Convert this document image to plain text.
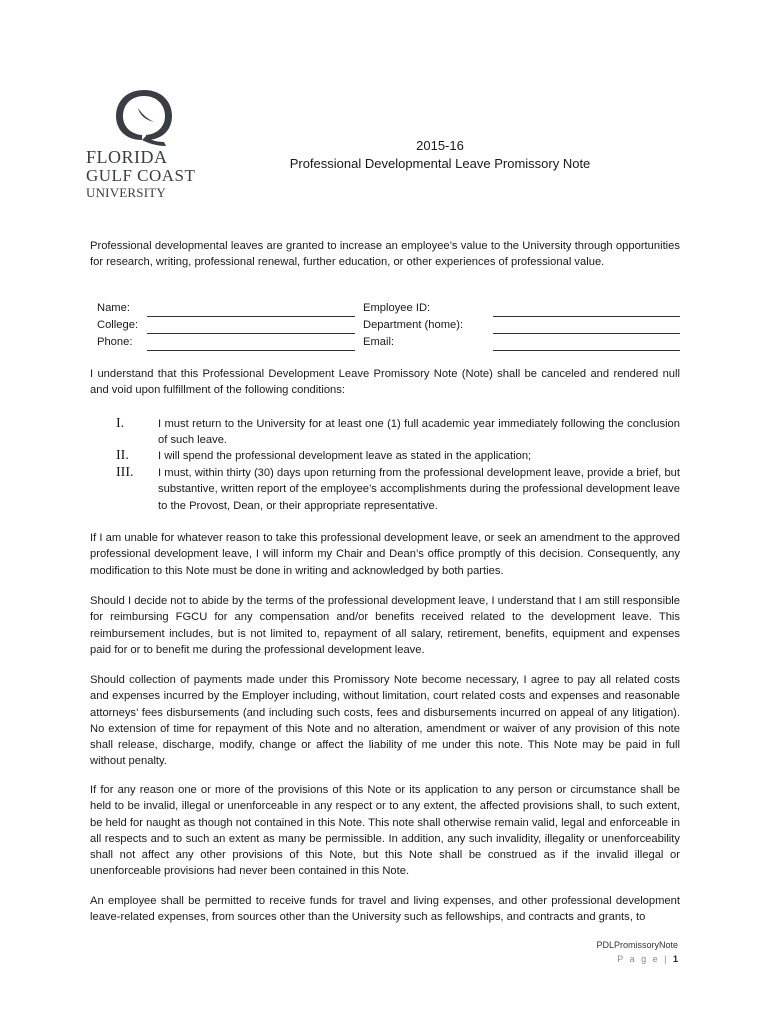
FLORIDA
GULF COAST
UNIVERSITY
2015-16
Professional Developmental Leave Promissory Note

Professional developmental leaves are granted to increase an employee’s value to the University through opportunities for research, writing, professional renewal, further education, or other experiences of professional value.

Name:	Employee ID:
College:	Department (home):
Phone:	Email:

I understand that this Professional Development Leave Promissory Note (Note) shall be canceled and rendered null and void upon fulfillment of the following conditions:

I.	I must return to the University for at least one (1) full academic year immediately following the conclusion of such leave.

II.	I will spend the professional development leave as stated in the application;

III. I must, within thirty (30) days upon returning from the professional development leave, provide a brief, but substantive, written report of the employee’s accomplishments during the professional development leave to the Provost, Dean, or their appropriate representative.

If I am unable for whatever reason to take this professional development leave, or seek an amendment to the approved professional development leave, I will inform my Chair and Dean’s office promptly of this decision. Consequently, any modification to this Note must be done in writing and acknowledged by both parties.

Should I decide not to abide by the terms of the professional development leave, I understand that I am still responsible for reimbursing FGCU for any compensation and/or benefits received related to the development leave. This reimbursement includes, but is not limited to, repayment of all salary, retirement, benefits, equipment and expenses paid for or to benefit me during the professional development leave.

Should collection of payments made under this Promissory Note become necessary, I agree to pay all related costs and expenses incurred by the Employer including, without limitation, court related costs and expenses and reasonable attorneys’ fees disbursements (and including such costs, fees and disbursements incurred on appeal of any litigation). No extension of time for repayment of this Note and no alteration, amendment or waiver of any provision of this note shall release, discharge, modify, change or affect the liability of me under this note. This Note may be paid in full without penalty.

If for any reason one or more of the provisions of this Note or its application to any person or circumstance shall be held to be invalid, illegal or unenforceable in any respect or to any extent, the affected provisions shall, to such extent, be held for naught as though not contained in this Note. This note shall otherwise remain valid, legal and enforceable in all respects and to such an extent as many be permissible. In addition, any such invalidity, illegality or unenforceability shall not affect any other provisions of this Note, but this Note shall be construed as if the invalid illegal or unenforceable provisions had never been contained in this Note.

An employee shall be permitted to receive funds for travel and living expenses, and other professional development leave-related expenses, from sources other than the University such as fellowships, and contracts and grants, to

PDLPromissoryNote
P a g e | 1
